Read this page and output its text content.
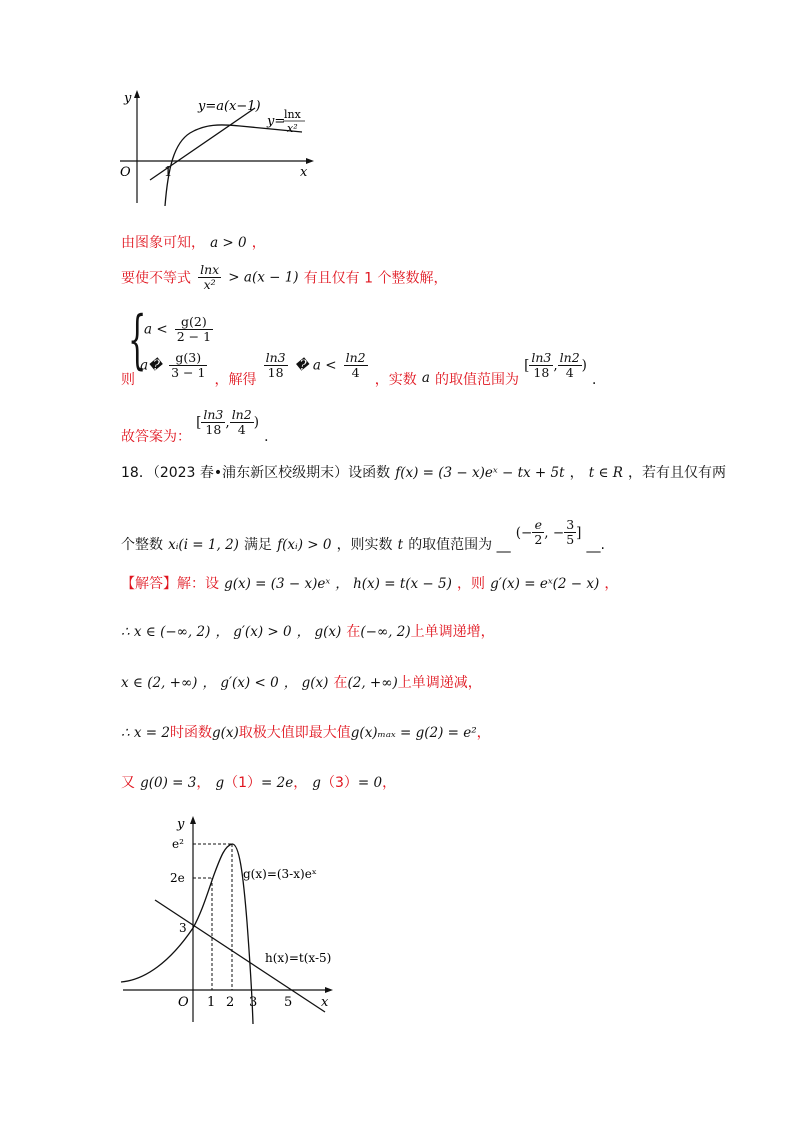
y
x
O	1
y=a(x−1)
y=
lnx
x²
由图象可知， a > 0 ，
要使不等式 $\frac{\ln x}{\text{x²}} > a(x - 1)$ 有且仅有 1 个整数解，
{
$a < \frac{g(2)}{2 - 1}$
则 a� $\frac{g(3)}{3 - 1}$ ，解得 $\frac{\ln 3}{18}$ � $a < \frac{\ln 2}{4}$ ，实数 $_a$ 的取值范围为 [ $\frac{\ln 3}{18}$ , $\frac{\ln 2}{4}$ ) $_.$
故答案为： [ $\frac{\ln 3}{18}$ , $\frac{\ln 2}{4}$ ) $_.$
18．（2023 春•浦东新区校级期末）设函数 f(x) = (3 − x)eˣ − tx + 5t ， t ∈ R ，若有且仅有两
个整数 $_{xᵢ(i = 1, 2)}$ 满足 $_{f(xᵢ) > 0}$ ，则实数 $_t$ 的取值范围为 __ (− $\frac{e}{2}$ , − $\frac{3}{5}$ ] __.
【解答】解：设 g(x) = (3 − x)eˣ ， h(x) = t(x − 5) ，则 g′(x) = eˣ(2 − x) ，
∴ x ∈ (−∞, 2) ， g′(x) > 0 ， g(x) 在(−∞, 2)上单调递增，
x ∈ (2, +∞) ， g′(x) < 0 ， g(x) 在(2, +∞)上单调递减，
∴ x = 2时函数g(x)取极大值即最大值g(x)ₘₐₓ = g(2) = e²，
又 g(0) = 3， g（1）= 2e， g（3）= 0，
y
x
O 1 2 3 5
e²
2e
3
g(x)=(3-x)eˣ
h(x)=t(x-5)
